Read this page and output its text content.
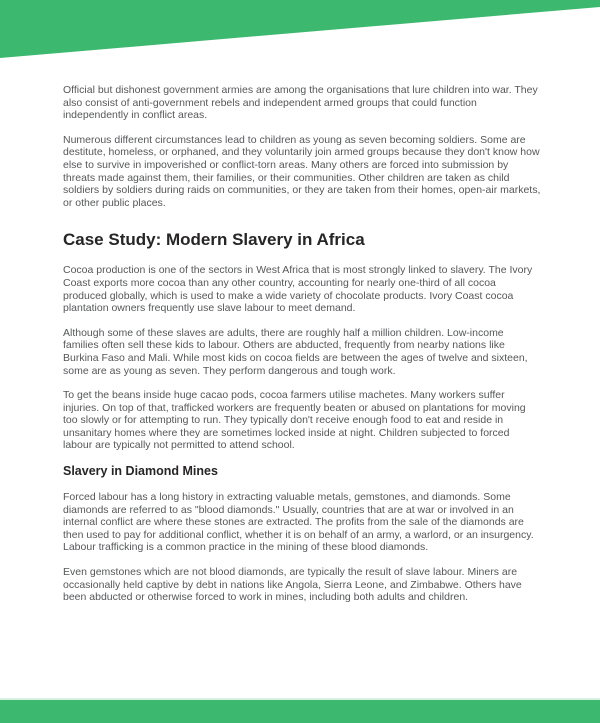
Official but dishonest government armies are among the organisations that lure children into war. They also consist of anti-government rebels and independent armed groups that could function independently in conflict areas.

Numerous different circumstances lead to children as young as seven becoming soldiers. Some are destitute, homeless, or orphaned, and they voluntarily join armed groups because they don't know how else to survive in impoverished or conflict-torn areas. Many others are forced into submission by threats made against them, their families, or their communities. Other children are taken as child soldiers by soldiers during raids on communities, or they are taken from their homes, open-air markets, or other public places.

Case Study: Modern Slavery in Africa

Cocoa production is one of the sectors in West Africa that is most strongly linked to slavery. The Ivory Coast exports more cocoa than any other country, accounting for nearly one-third of all cocoa produced globally, which is used to make a wide variety of chocolate products. Ivory Coast cocoa plantation owners frequently use slave labour to meet demand.

Although some of these slaves are adults, there are roughly half a million children. Low-income families often sell these kids to labour. Others are abducted, frequently from nearby nations like Burkina Faso and Mali. While most kids on cocoa fields are between the ages of twelve and sixteen, some are as young as seven. They perform dangerous and tough work.

To get the beans inside huge cacao pods, cocoa farmers utilise machetes. Many workers suffer injuries. On top of that, trafficked workers are frequently beaten or abused on plantations for moving too slowly or for attempting to run. They typically don't receive enough food to eat and reside in unsanitary homes where they are sometimes locked inside at night. Children subjected to forced labour are typically not permitted to attend school.

Slavery in Diamond Mines

Forced labour has a long history in extracting valuable metals, gemstones, and diamonds. Some diamonds are referred to as "blood diamonds." Usually, countries that are at war or involved in an internal conflict are where these stones are extracted. The profits from the sale of the diamonds are then used to pay for additional conflict, whether it is on behalf of an army, a warlord, or an insurgency. Labour trafficking is a common practice in the mining of these blood diamonds.

Even gemstones which are not blood diamonds, are typically the result of slave labour. Miners are occasionally held captive by debt in nations like Angola, Sierra Leone, and Zimbabwe. Others have been abducted or otherwise forced to work in mines, including both adults and children.
